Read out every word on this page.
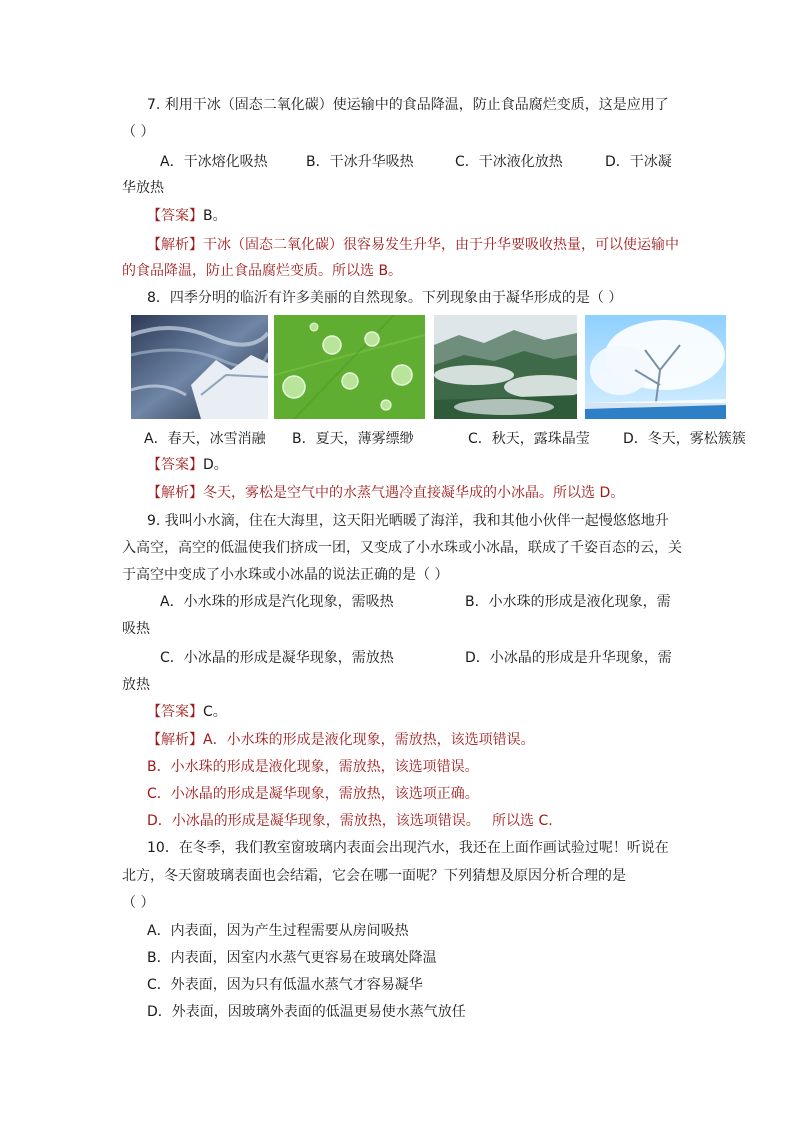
7. 利用干冰（固态二氧化碳）使运输中的食品降温，防止食品腐烂变质，这是应用了
（ ）
A．干冰熔化吸热	B．干冰升华吸热	C．干冰液化放热	D．干冰凝
华放热
【答案】B。
【解析】干冰（固态二氧化碳）很容易发生升华，由于升华要吸收热量，可以使运输中
的食品降温，防止食品腐烂变质。所以选 B。
8．四季分明的临沂有许多美丽的自然现象。下列现象由于凝华形成的是（ ）
A．春天，冰雪消融 B．夏天，薄雾缥缈	C．秋天，露珠晶莹 D．冬天，雾松簇簇
【答案】D。
【解析】冬天，雾松是空气中的水蒸气遇冷直接凝华成的小冰晶。所以选 D。
9. 我叫小水滴，住在大海里，这天阳光晒暖了海洋，我和其他小伙伴一起慢悠悠地升
入高空，高空的低温使我们挤成一团，又变成了小水珠或小冰晶，联成了千姿百态的云，关
于高空中变成了小水珠或小冰晶的说法正确的是（ ）
A．小水珠的形成是汽化现象，需吸热	B．小水珠的形成是液化现象，需
吸热
C．小冰晶的形成是凝华现象，需放热	D．小冰晶的形成是升华现象，需
放热
【答案】C。
【解析】A．小水珠的形成是液化现象，需放热，该选项错误。
B．小水珠的形成是液化现象，需放热，该选项错误。
C．小冰晶的形成是凝华现象，需放热，该选项正确。
D．小冰晶的形成是凝华现象，需放热，该选项错误。 所以选 C.
10．在冬季，我们教室窗玻璃内表面会出现汽水，我还在上面作画试验过呢！听说在
北方，冬天窗玻璃表面也会结霜，它会在哪一面呢？下列猜想及原因分析合理的是
（ ）
A．内表面，因为产生过程需要从房间吸热
B．内表面，因室内水蒸气更容易在玻璃处降温
C．外表面，因为只有低温水蒸气才容易凝华
D．外表面，因玻璃外表面的低温更易使水蒸气放任
